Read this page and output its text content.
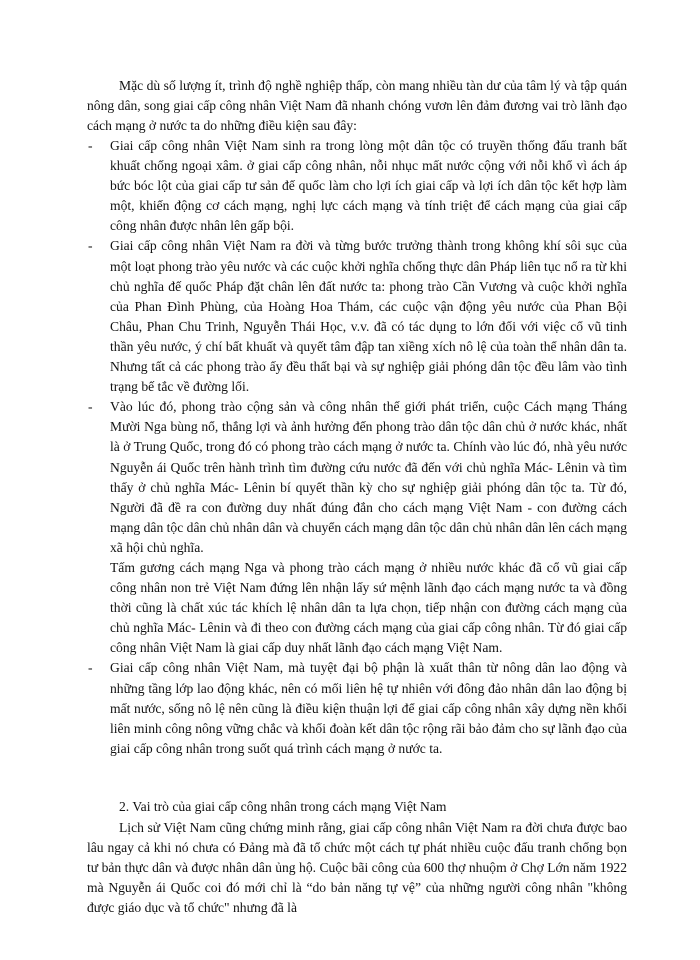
Mặc dù số lượng ít, trình độ nghề nghiệp thấp, còn mang nhiều tàn dư của tâm lý và tập quán nông dân, song giai cấp công nhân Việt Nam đã nhanh chóng vươn lên đảm đương vai trò lãnh đạo cách mạng ở nước ta do những điều kiện sau đây:

- Giai cấp công nhân Việt Nam sinh ra trong lòng một dân tộc có truyền thống đấu tranh bất khuất chống ngoại xâm. ở giai cấp công nhân, nỗi nhục mất nước cộng với nỗi khổ vì ách áp bức bóc lột của giai cấp tư sản đế quốc làm cho lợi ích giai cấp và lợi ích dân tộc kết hợp làm một, khiến động cơ cách mạng, nghị lực cách mạng và tính triệt để cách mạng của giai cấp công nhân được nhân lên gấp bội.
- Giai cấp công nhân Việt Nam ra đời và từng bước trưởng thành trong không khí sôi sục của một loạt phong trào yêu nước và các cuộc khởi nghĩa chống thực dân Pháp liên tục nổ ra từ khi chủ nghĩa đế quốc Pháp đặt chân lên đất nước ta: phong trào Cần Vương và cuộc khởi nghĩa của Phan Đình Phùng, của Hoàng Hoa Thám, các cuộc vận động yêu nước của Phan Bội Châu, Phan Chu Trinh, Nguyễn Thái Học, v.v. đã có tác dụng to lớn đối với việc cổ vũ tinh thần yêu nước, ý chí bất khuất và quyết tâm đập tan xiềng xích nô lệ của toàn thể nhân dân ta. Nhưng tất cả các phong trào ấy đều thất bại và sự nghiệp giải phóng dân tộc đều lâm vào tình trạng bế tắc về đường lối.
- Vào lúc đó, phong trào cộng sản và công nhân thế giới phát triển, cuộc Cách mạng Tháng Mười Nga bùng nổ, thắng lợi và ảnh hưởng đến phong trào dân tộc dân chủ ở nước khác, nhất là ở Trung Quốc, trong đó có phong trào cách mạng ở nước ta. Chính vào lúc đó, nhà yêu nước Nguyễn ái Quốc trên hành trình tìm đường cứu nước đã đến với chủ nghĩa Mác- Lênin và tìm thấy ở chủ nghĩa Mác- Lênin bí quyết thần kỳ cho sự nghiệp giải phóng dân tộc ta. Từ đó, Người đã đề ra con đường duy nhất đúng đắn cho cách mạng Việt Nam - con đường cách mạng dân tộc dân chủ nhân dân và chuyển cách mạng dân tộc dân chủ nhân dân lên cách mạng xã hội chủ nghĩa.

Tấm gương cách mạng Nga và phong trào cách mạng ở nhiều nước khác đã cổ vũ giai cấp công nhân non trẻ Việt Nam đứng lên nhận lấy sứ mệnh lãnh đạo cách mạng nước ta và đồng thời cũng là chất xúc tác khích lệ nhân dân ta lựa chọn, tiếp nhận con đường cách mạng của chủ nghĩa Mác- Lênin và đi theo con đường cách mạng của giai cấp công nhân. Từ đó giai cấp công nhân Việt Nam là giai cấp duy nhất lãnh đạo cách mạng Việt Nam.

- Giai cấp công nhân Việt Nam, mà tuyệt đại bộ phận là xuất thân từ nông dân lao động và những tầng lớp lao động khác, nên có mối liên hệ tự nhiên với đông đảo nhân dân lao động bị mất nước, sống nô lệ nên cũng là điều kiện thuận lợi để giai cấp công nhân xây dựng nền khối liên minh công nông vững chắc và khối đoàn kết dân tộc rộng rãi bảo đảm cho sự lãnh đạo của giai cấp công nhân trong suốt quá trình cách mạng ở nước ta.

2. Vai trò của giai cấp công nhân trong cách mạng Việt Nam

Lịch sử Việt Nam cũng chứng minh rằng, giai cấp công nhân Việt Nam ra đời chưa được bao lâu ngay cả khi nó chưa có Đảng mà đã tổ chức một cách tự phát nhiều cuộc đấu tranh chống bọn tư bản thực dân và được nhân dân ủng hộ. Cuộc bãi công của 600 thợ nhuộm ở Chợ Lớn năm 1922 mà Nguyễn ái Quốc coi đó mới chỉ là “do bản năng tự vệ” của những người công nhân "không được giáo dục và tổ chức" nhưng đã là
